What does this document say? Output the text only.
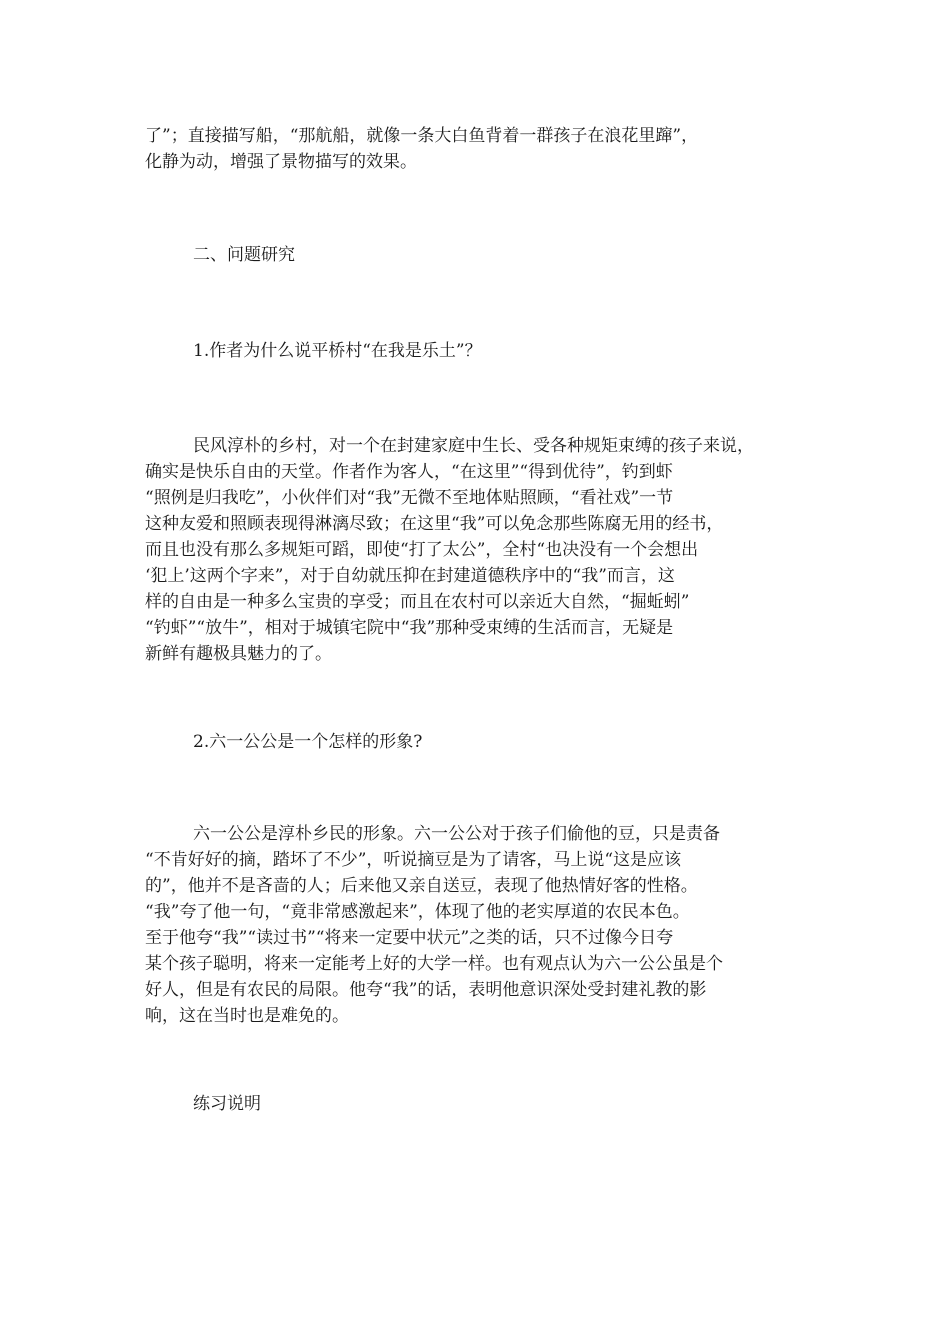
了”；直接描写船，“那航船，就像一条大白鱼背着一群孩子在浪花里蹿”，
化静为动，增强了景物描写的效果。
二、问题研究
1.作者为什么说平桥村“在我是乐土”？
民风淳朴的乡村，对一个在封建家庭中生长、受各种规矩束缚的孩子来说，
确实是快乐自由的天堂。作者作为客人，“在这里”“得到优待”，钓到虾
“照例是归我吃”，小伙伴们对“我”无微不至地体贴照顾，“看社戏”一节
这种友爱和照顾表现得淋漓尽致；在这里“我”可以免念那些陈腐无用的经书，
而且也没有那么多规矩可蹈，即使“打了太公”，全村“也决没有一个会想出
‘犯上’这两个字来”，对于自幼就压抑在封建道德秩序中的“我”而言，这
样的自由是一种多么宝贵的享受；而且在农村可以亲近大自然，“掘蚯蚓”
“钓虾”“放牛”，相对于城镇宅院中“我”那种受束缚的生活而言，无疑是
新鲜有趣极具魅力的了。
2.六一公公是一个怎样的形象?
六一公公是淳朴乡民的形象。六一公公对于孩子们偷他的豆，只是责备
“不肯好好的摘，踏坏了不少”，听说摘豆是为了请客，马上说“这是应该
的”，他并不是吝啬的人；后来他又亲自送豆，表现了他热情好客的性格。
“我”夸了他一句，“竟非常感激起来”，体现了他的老实厚道的农民本色。
至于他夸“我”“读过书”“将来一定要中状元”之类的话，只不过像今日夸
某个孩子聪明，将来一定能考上好的大学一样。也有观点认为六一公公虽是个
好人，但是有农民的局限。他夸“我”的话，表明他意识深处受封建礼教的影
响，这在当时也是难免的。
练习说明
